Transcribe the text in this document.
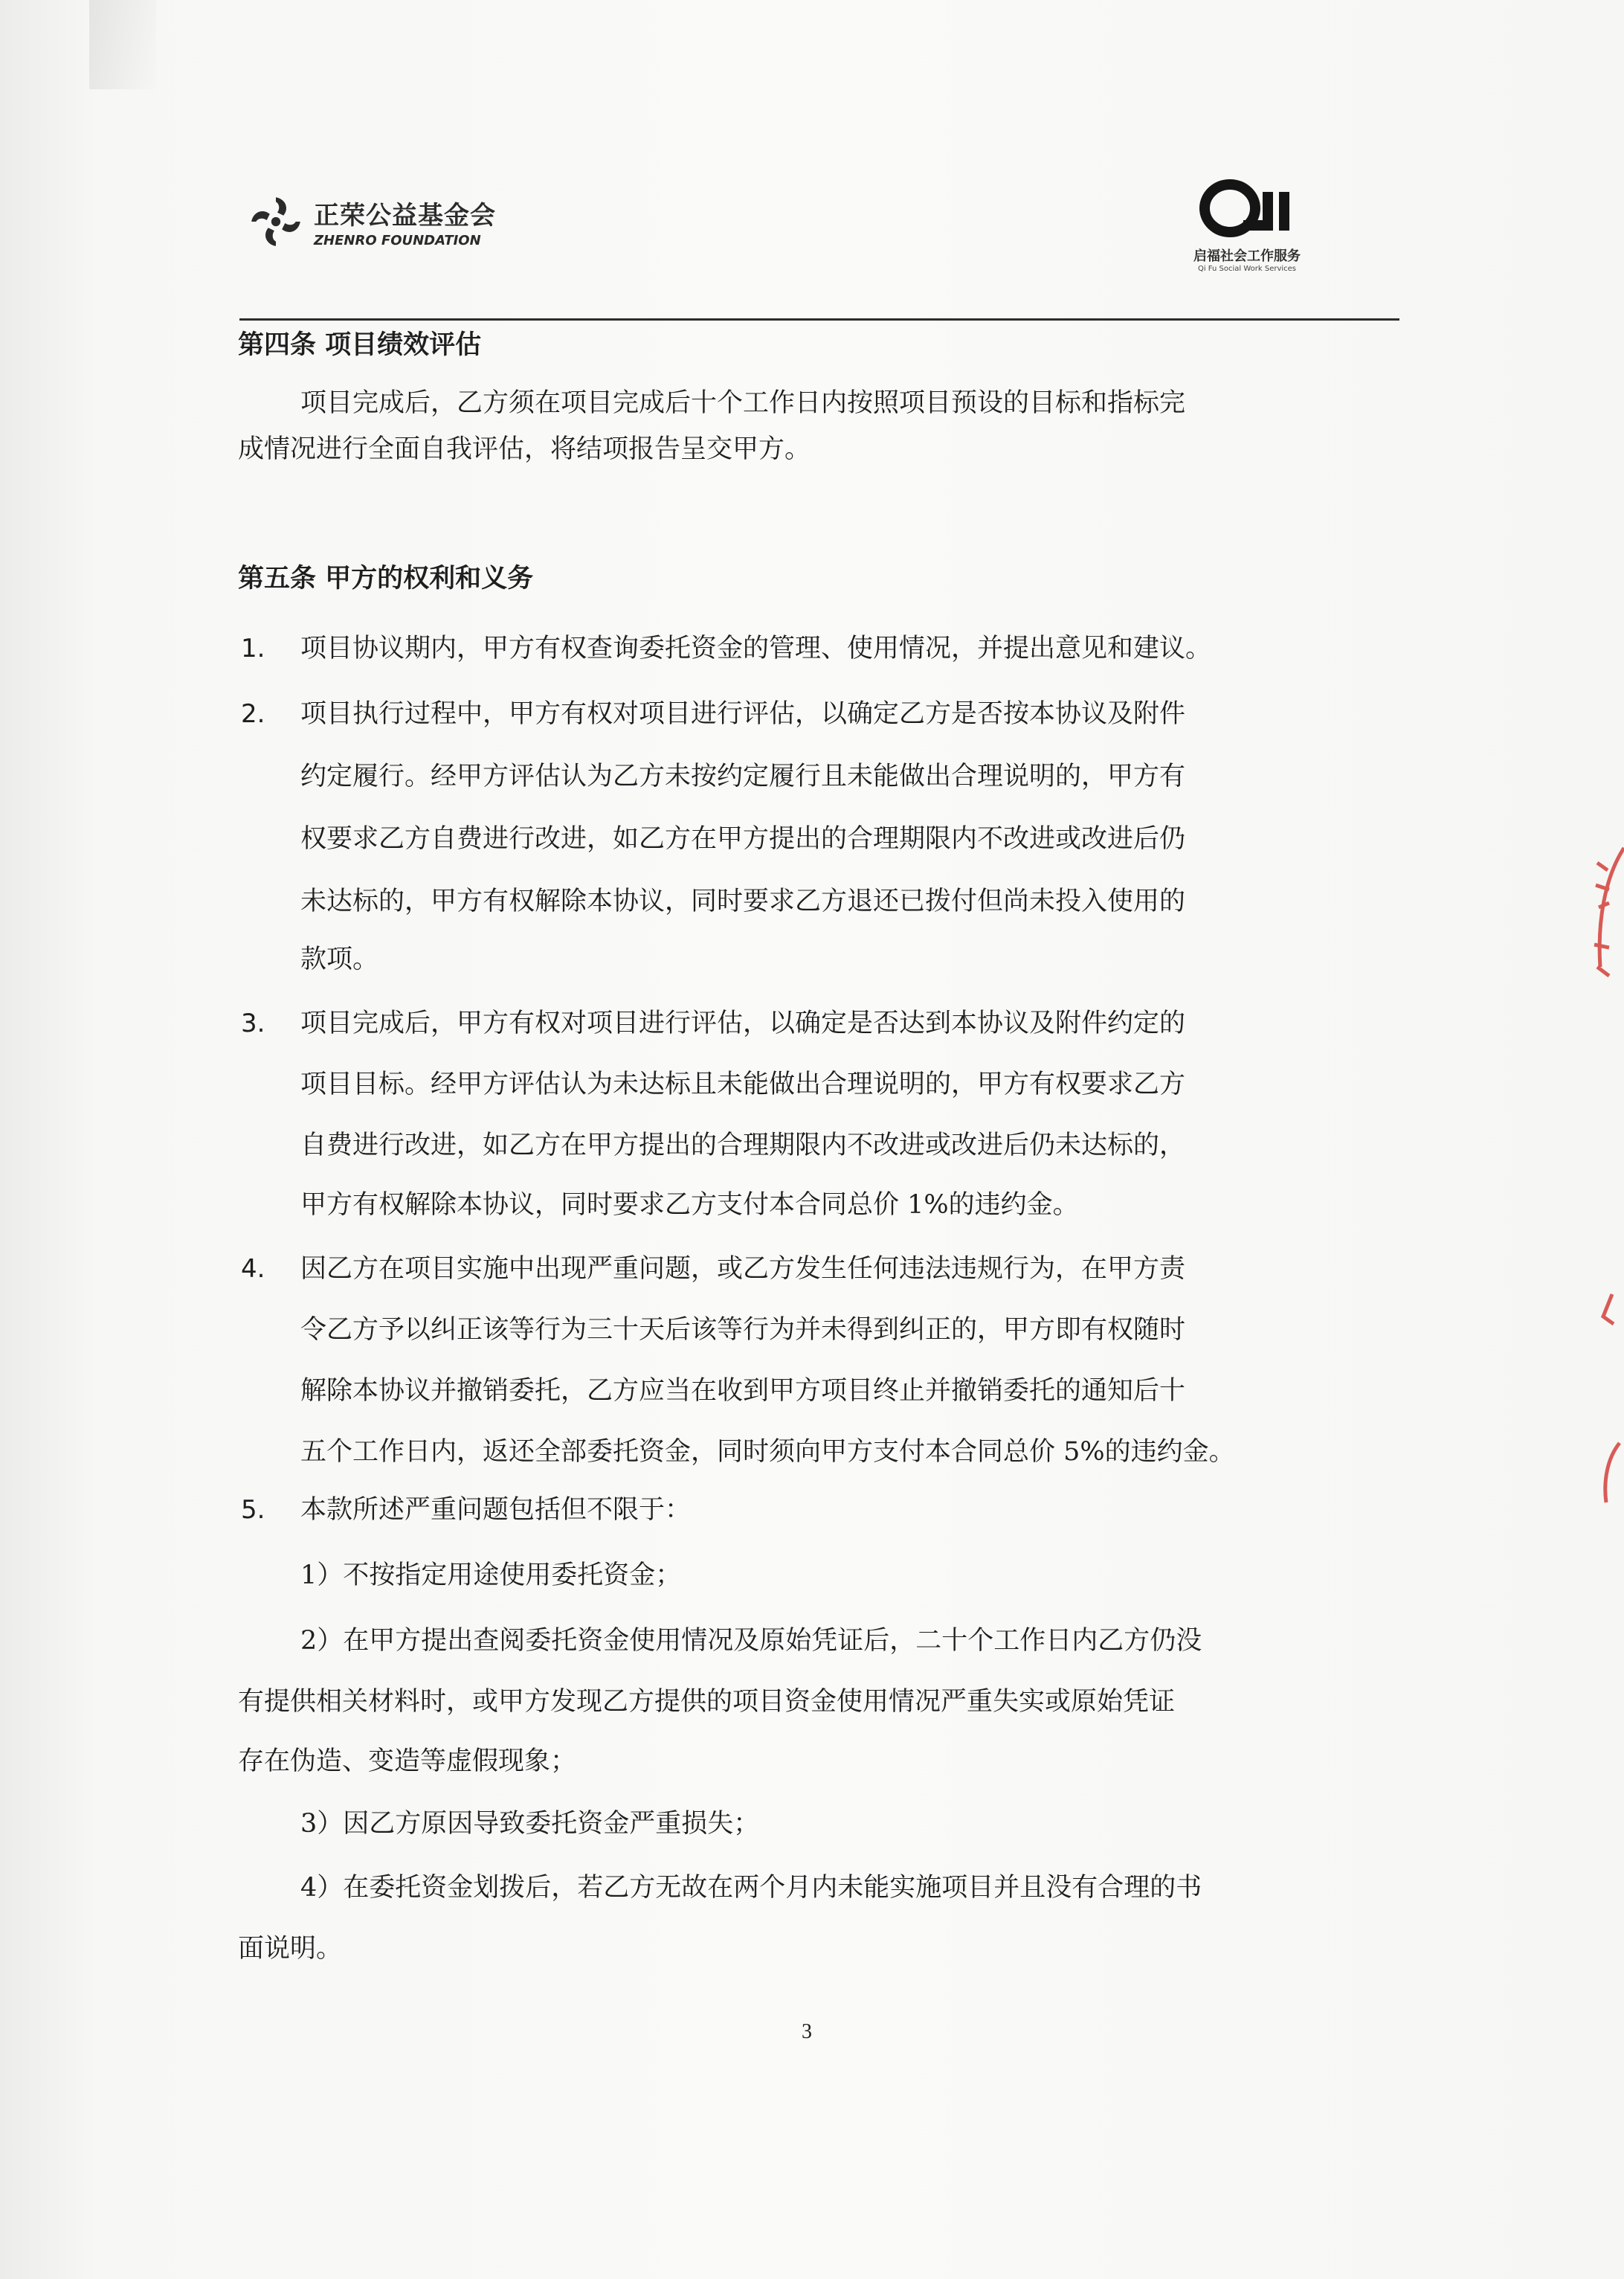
正荣公益基金会
ZHENRO FOUNDATION
启福社会工作服务
Qi Fu Social Work Services
第四条 项目绩效评估
项目完成后，乙方须在项目完成后十个工作日内按照项目预设的目标和指标完
成情况进行全面自我评估，将结项报告呈交甲方。
第五条 甲方的权利和义务
1. 项目协议期内，甲方有权查询委托资金的管理、使用情况，并提出意见和建议。
2. 项目执行过程中，甲方有权对项目进行评估，以确定乙方是否按本协议及附件
约定履行。经甲方评估认为乙方未按约定履行且未能做出合理说明的，甲方有
权要求乙方自费进行改进，如乙方在甲方提出的合理期限内不改进或改进后仍
未达标的，甲方有权解除本协议，同时要求乙方退还已拨付但尚未投入使用的
款项。
3. 项目完成后，甲方有权对项目进行评估，以确定是否达到本协议及附件约定的
项目目标。经甲方评估认为未达标且未能做出合理说明的，甲方有权要求乙方
自费进行改进，如乙方在甲方提出的合理期限内不改进或改进后仍未达标的，
甲方有权解除本协议，同时要求乙方支付本合同总价 1%的违约金。
4. 因乙方在项目实施中出现严重问题，或乙方发生任何违法违规行为，在甲方责
令乙方予以纠正该等行为三十天后该等行为并未得到纠正的，甲方即有权随时
解除本协议并撤销委托，乙方应当在收到甲方项目终止并撤销委托的通知后十
五个工作日内，返还全部委托资金，同时须向甲方支付本合同总价 5%的违约金。
5. 本款所述严重问题包括但不限于：
1）不按指定用途使用委托资金；
2）在甲方提出查阅委托资金使用情况及原始凭证后，二十个工作日内乙方仍没
有提供相关材料时，或甲方发现乙方提供的项目资金使用情况严重失实或原始凭证
存在伪造、变造等虚假现象；
3）因乙方原因导致委托资金严重损失；
4）在委托资金划拨后，若乙方无故在两个月内未能实施项目并且没有合理的书
面说明。
3
